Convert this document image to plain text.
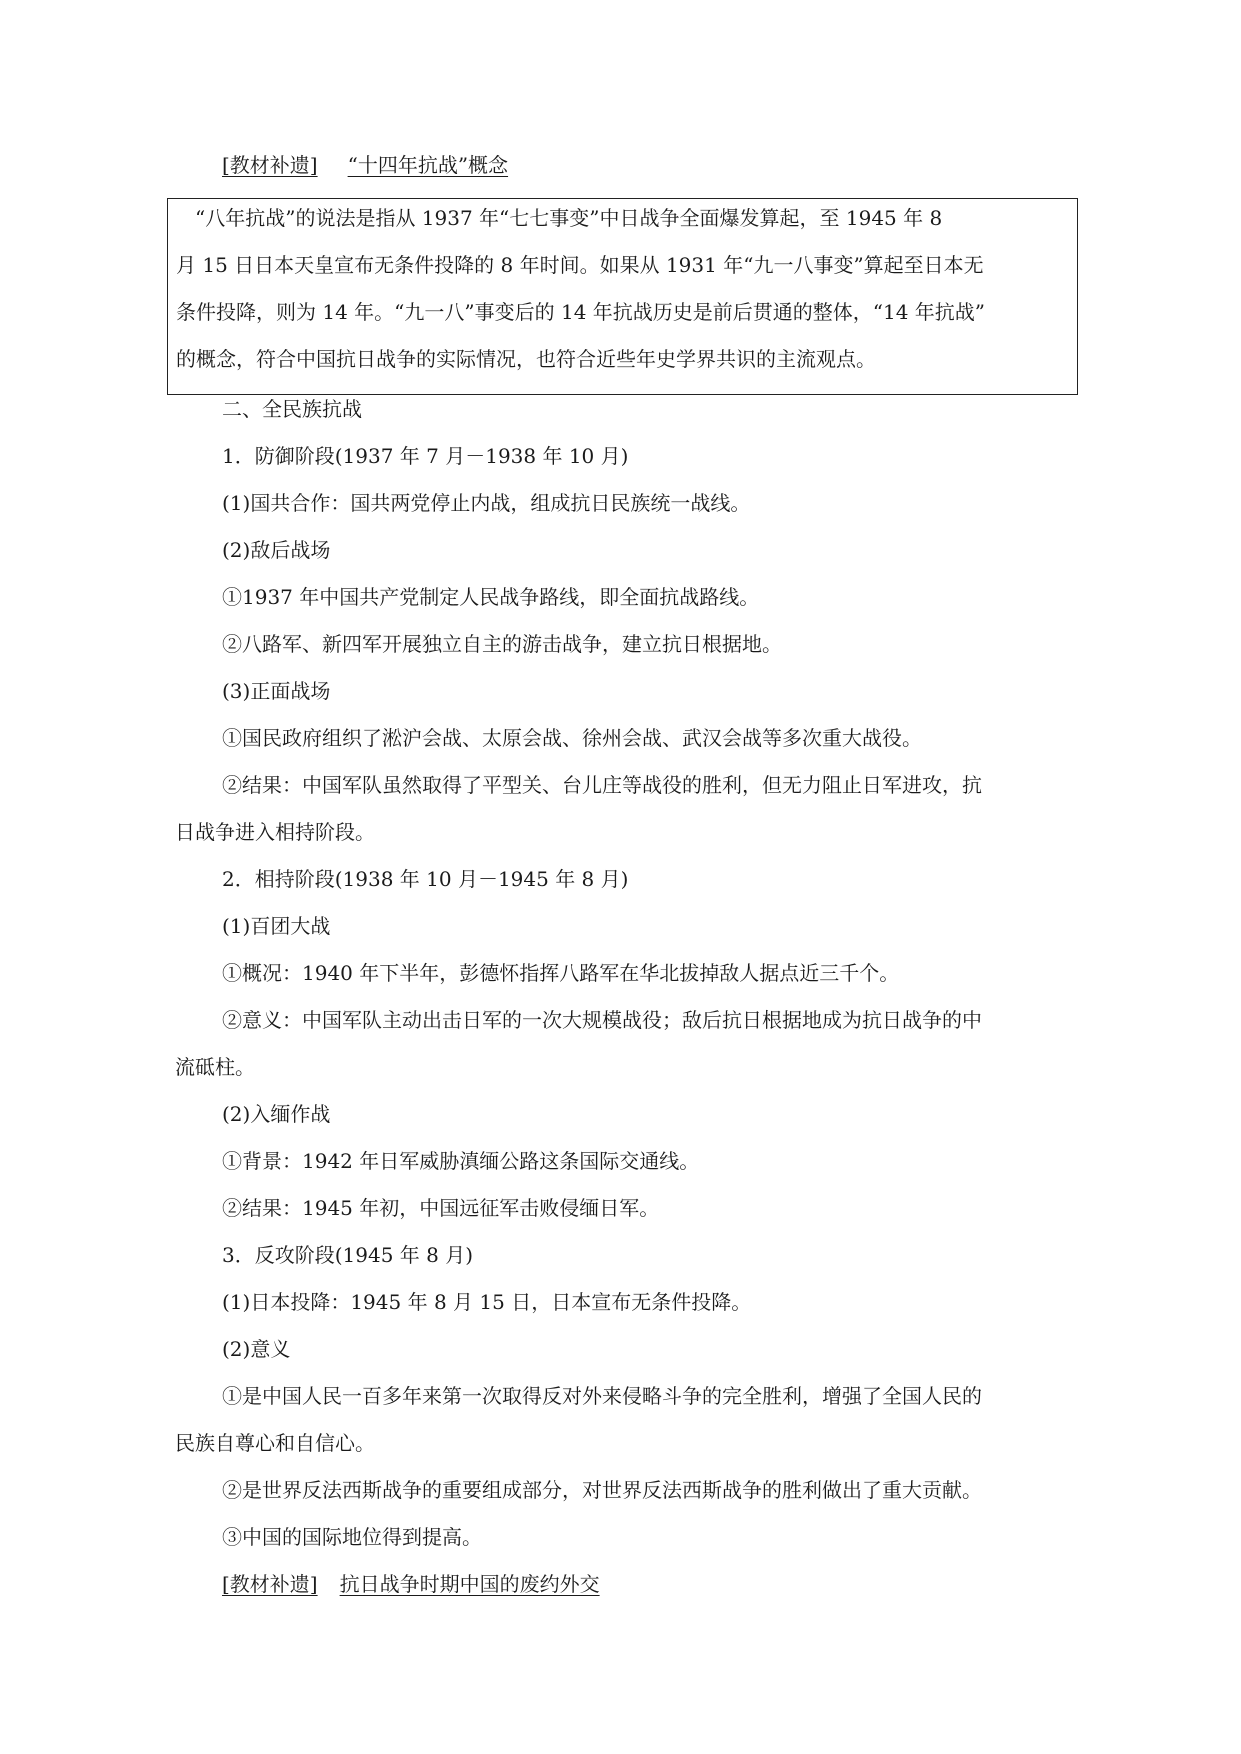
[教材补遗] “十四年抗战”概念
“八年抗战”的说法是指从 1937 年“七七事变”中日战争全面爆发算起，至 1945 年 8
月 15 日日本天皇宣布无条件投降的 8 年时间。如果从 1931 年“九一八事变”算起至日本无
条件投降，则为 14 年。“九一八”事变后的 14 年抗战历史是前后贯通的整体，“14 年抗战”
的概念，符合中国抗日战争的实际情况，也符合近些年史学界共识的主流观点。
二、全民族抗战
1．防御阶段(1937 年 7 月－1938 年 10 月)
(1)国共合作：国共两党停止内战，组成抗日民族统一战线。
(2)敌后战场
①1937 年中国共产党制定人民战争路线，即全面抗战路线。
②八路军、新四军开展独立自主的游击战争，建立抗日根据地。
(3)正面战场
①国民政府组织了淞沪会战、太原会战、徐州会战、武汉会战等多次重大战役。
②结果：中国军队虽然取得了平型关、台儿庄等战役的胜利，但无力阻止日军进攻，抗
日战争进入相持阶段。
2．相持阶段(1938 年 10 月－1945 年 8 月)
(1)百团大战
①概况：1940 年下半年，彭德怀指挥八路军在华北拔掉敌人据点近三千个。
②意义：中国军队主动出击日军的一次大规模战役；敌后抗日根据地成为抗日战争的中
流砥柱。
(2)入缅作战
①背景：1942 年日军威胁滇缅公路这条国际交通线。
②结果：1945 年初，中国远征军击败侵缅日军。
3．反攻阶段(1945 年 8 月)
(1)日本投降：1945 年 8 月 15 日，日本宣布无条件投降。
(2)意义
①是中国人民一百多年来第一次取得反对外来侵略斗争的完全胜利，增强了全国人民的
民族自尊心和自信心。
②是世界反法西斯战争的重要组成部分，对世界反法西斯战争的胜利做出了重大贡献。
③中国的国际地位得到提高。
[教材补遗] 抗日战争时期中国的废约外交
